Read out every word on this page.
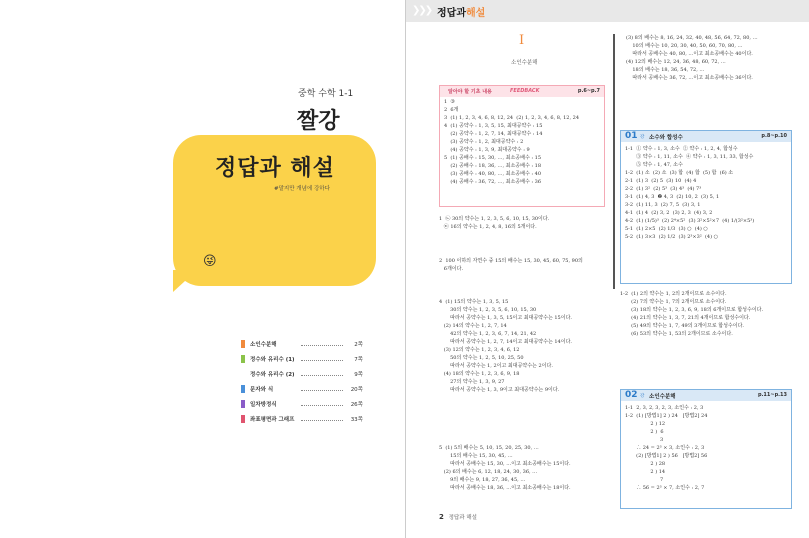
중학 수학 1-1
짤강
정답과 해설
#말지만 개념에 강하다
😜
소인수분해	2쪽
정수와 유리수 (1)	7쪽
정수와 유리수 (2)	9쪽
문자와 식	20쪽
일차방정식	26쪽
좌표평면과 그래프	33쪽
❯❯❯ 정답과해설
I
소인수분해
알아야 할 기초 내용	FEEDBACK	p.6~p.7
1  ③
2  6개
3  (1) 1, 2, 3, 4, 6, 8, 12, 24  (2) 1, 2, 3, 4, 6, 8, 12, 24
4  (1) 공약수 : 1, 3, 5, 15, 최대공약수 : 15
(2) 공약수 : 1, 2, 7, 14, 최대공약수 : 14
(3) 공약수 : 1, 2, 최대공약수 : 2
(4) 공약수 : 1, 3, 9, 최대공약수 : 9
5  (1) 공배수 : 15, 30, …, 최소공배수 : 15
(2) 공배수 : 18, 36, …, 최소공배수 : 18
(3) 공배수 : 40, 80, …, 최소공배수 : 40
(4) 공배수 : 36, 72, …, 최소공배수 : 36
1  ㉡ 30의 약수는 1, 2, 3, 5, 6, 10, 15, 30이다.
㉢ 16의 약수는 1, 2, 4, 8, 16의 5개이다.
2  100 이하의 자연수 중 15의 배수는 15, 30, 45, 60, 75, 90의
6개이다.
4  (1) 15의 약수는 1, 3, 5, 15
30의 약수는 1, 2, 3, 5, 6, 10, 15, 30
따라서 공약수는 1, 3, 5, 15이고 최대공약수는 15이다.
(2) 14의 약수는 1, 2, 7, 14
42의 약수는 1, 2, 3, 6, 7, 14, 21, 42
따라서 공약수는 1, 2, 7, 14이고 최대공약수는 14이다.
(3) 12의 약수는 1, 2, 3, 4, 6, 12
50의 약수는 1, 2, 5, 10, 25, 50
따라서 공약수는 1, 2이고 최대공약수는 2이다.
(4) 18의 약수는 1, 2, 3, 6, 9, 18
27의 약수는 1, 3, 9, 27
따라서 공약수는 1, 3, 9이고 최대공약수는 9이다.
5  (1) 5의 배수는 5, 10, 15, 20, 25, 30, …
15의 배수는 15, 30, 45, …
따라서 공배수는 15, 30, …이고 최소공배수는 15이다.
(2) 6의 배수는 6, 12, 18, 24, 30, 36, …
9의 배수는 9, 18, 27, 36, 45, …
따라서 공배수는 18, 36, …이고 최소공배수는 18이다.
(3) 8의 배수는 8, 16, 24, 32, 40, 48, 56, 64, 72, 80, …
10의 배수는 10, 20, 30, 40, 50, 60, 70, 80, …
따라서 공배수는 40, 80, …이고 최소공배수는 40이다.
(4) 12의 배수는 12, 24, 36, 48, 60, 72, …
18의 배수는 18, 36, 54, 72, …
따라서 공배수는 36, 72, …이고 최소공배수는 36이다.
01 강 소수와 합성수	p.8~p.10
1-1  ① 약수 : 1, 3, 소수  ② 약수 : 1, 2, 4, 합성수
③ 약수 : 1, 11, 소수  ④ 약수 : 1, 3, 11, 33, 합성수
⑤ 약수 : 1, 47, 소수
1-2  (1) 소  (2) 소  (3) 합  (4) 합  (5) 합  (6) 소
2-1  (1) 3  (2) 5  (3) 10  (4) 4
2-2  (1) 3²  (2) 5³  (3) 4³  (4) 7³
3-1  (1) 4, 3  ❷ 4, 3  (2) 10, 2  (3) 5, 1
3-2  (1) 11, 3  (2) 7, 5  (3) 3, 1
4-1  (1) 4  (2) 3, 2  (3) 2, 3  (4) 3, 2
4-2  (1) (1/5)³  (2) 2⁴×5²  (3) 3²×5²×7  (4) 1/(3²×5³)
5-1  (1) 2×5  (2) 1/3  (3) ○  (4) ○
5-2  (1) 3×3  (2) 1/2  (3) 2³×3²  (4) ○
1-2  (1) 2의 약수는 1, 2의 2개이므로 소수이다.
(2) 7의 약수는 1, 7의 2개이므로 소수이다.
(3) 18의 약수는 1, 2, 3, 6, 9, 18의 6개이므로 합성수이다.
(4) 21의 약수는 1, 3, 7, 21의 4개이므로 합성수이다.
(5) 49의 약수는 1, 7, 49의 3개이므로 합성수이다.
(6) 53의 약수는 1, 53의 2개이므로 소수이다.
02 강 소인수분해	p.11~p.13
1-1  2, 3, 2, 3, 2, 3, 소인수 : 2, 3
1-2  (1) [방법1] 2 ) 24   [방법2] 24
2 ) 12
2 )  6
3
∴ 24 = 2³ × 3, 소인수 : 2, 3
(2) [방법1] 2 ) 56   [방법2] 56
2 ) 28
2 ) 14
7
∴ 56 = 2³ × 7, 소인수 : 2, 7
2 정답과 해설
